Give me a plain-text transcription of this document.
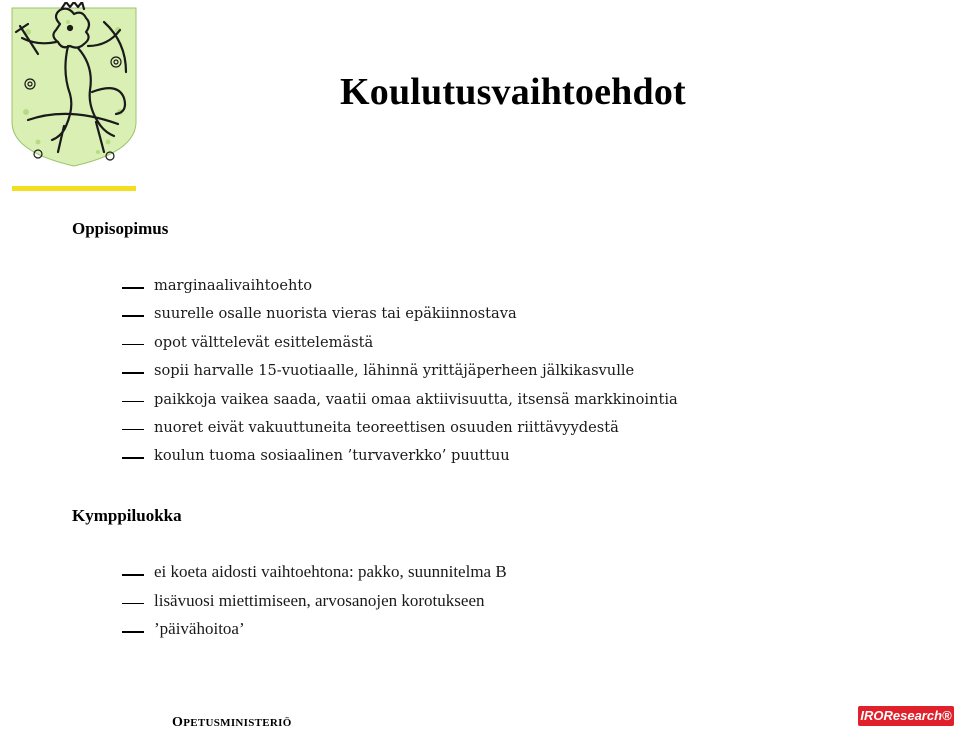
Koulutusvaihtoehdot
Oppisopimus
marginaalivaihtoehto
suurelle osalle nuorista vieras tai epäkiinnostava
opot välttelevät esittelemästä
sopii harvalle 15-vuotiaalle, lähinnä yrittäjäperheen jälkikasvulle
paikkoja vaikea saada, vaatii omaa aktiivisuutta, itsensä markkinointia
nuoret eivät vakuuttuneita teoreettisen osuuden riittävyydestä
koulun tuoma sosiaalinen ’turvaverkko’ puuttuu
Kymppiluokka
ei koeta aidosti vaihtoehtona: pakko, suunnitelma B
lisävuosi miettimiseen, arvosanojen korotukseen
’päivähoitoa’
OPETUSMINISTERIÖ	IROResearch®
